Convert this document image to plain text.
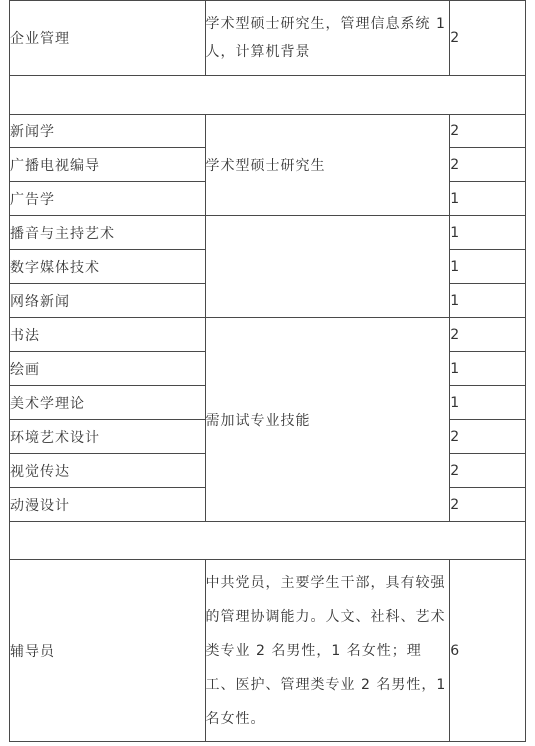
企业管理	学术型硕士研究生，管理信息系统 1 人，计算机背景	2

新闻学	学术型硕士研究生	2
广播电视编导		2
广告学		1
播音与主持艺术		1
数字媒体技术		1
网络新闻		1
书法	需加试专业技能	2
绘画		1
美术学理论		1
环境艺术设计		2
视觉传达		2
动漫设计		2

辅导员	中共党员，主要学生干部，具有较强的管理协调能力。人文、社科、艺术类专业 2 名男性，1 名女性；理工、医护、管理类专业 2 名男性，1 名女性。	6
